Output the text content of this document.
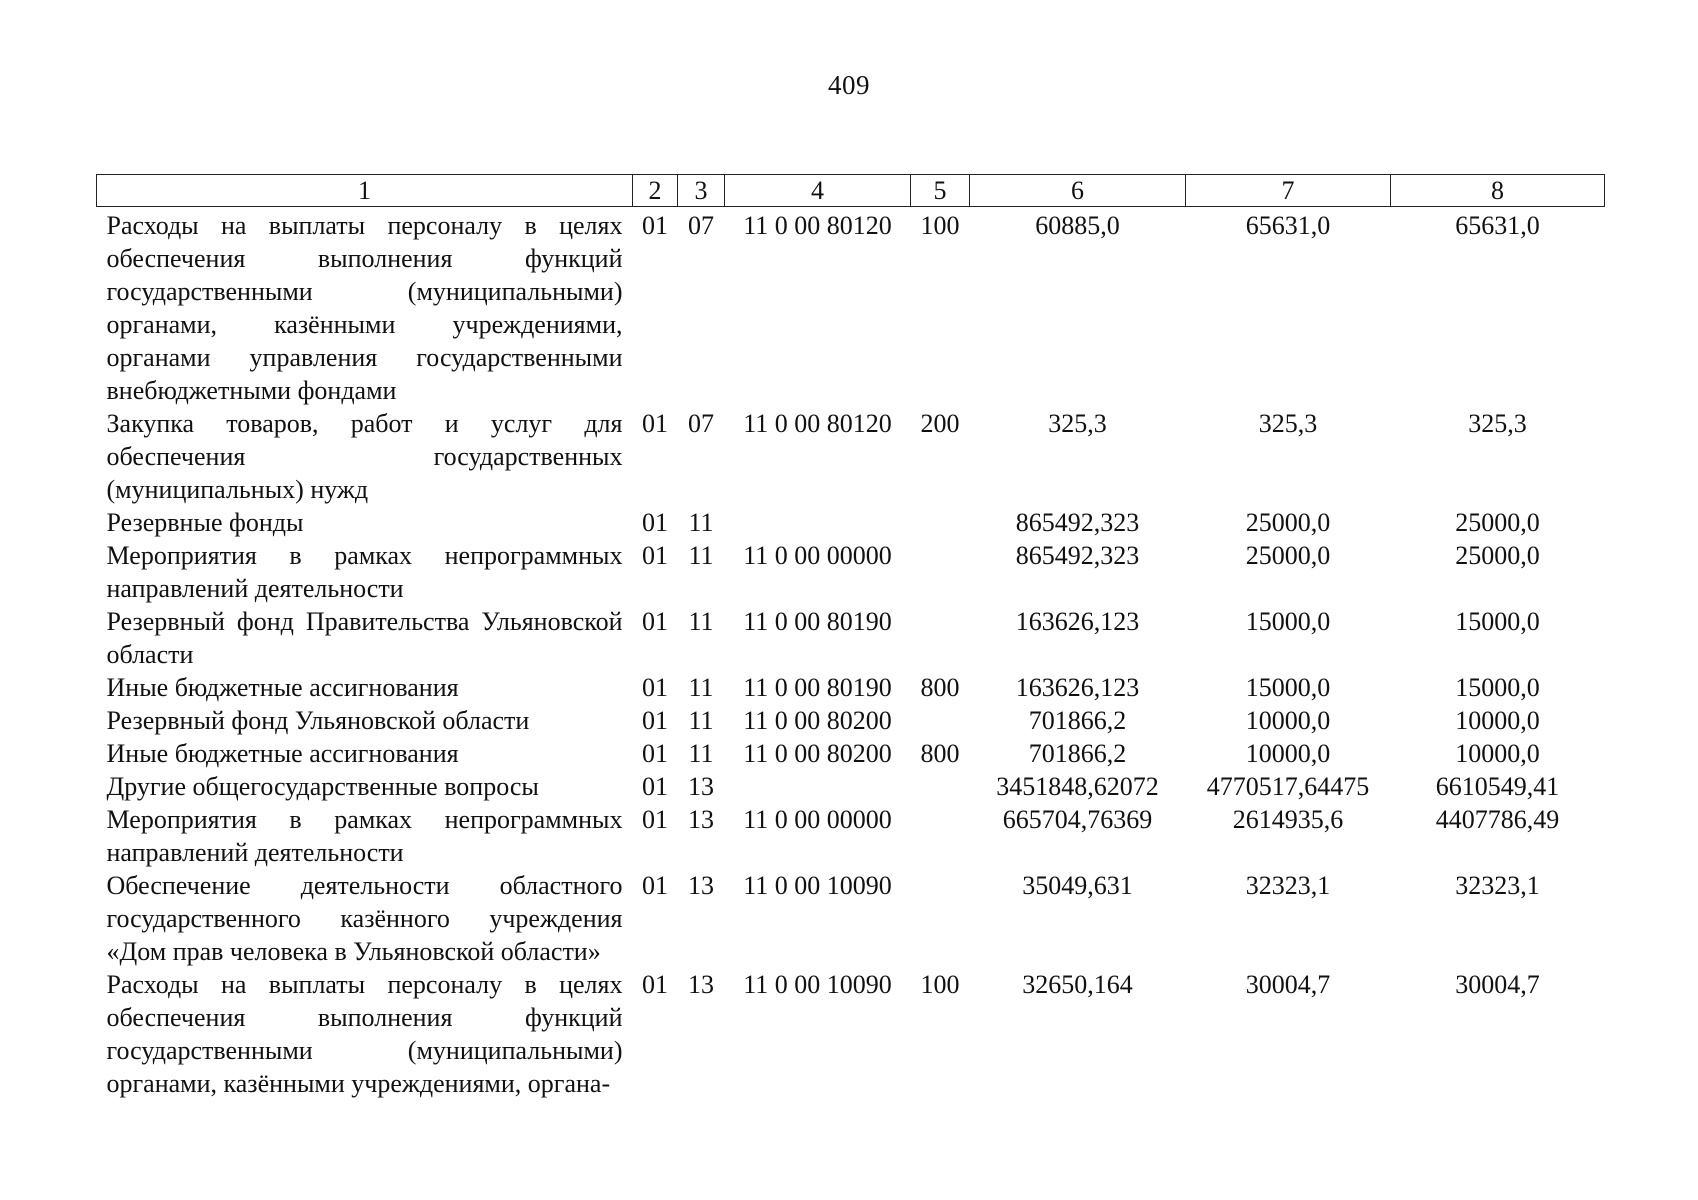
409
1	2	3	4	5	6	7	8
Расходы на выплаты персоналу в целях обеспечения выполнения функций государственными (муниципальными) органами, казёнными учреждениями, органами управления государственными внебюджетными фондами	01	07	11 0 00 80120	100	60885,0	65631,0	65631,0
Закупка товаров, работ и услуг для обеспечения государственных (муниципальных) нужд	01	07	11 0 00 80120	200	325,3	325,3	325,3
Резервные фонды	01	11			865492,323	25000,0	25000,0
Мероприятия в рамках непрограммных направлений деятельности	01	11	11 0 00 00000		865492,323	25000,0	25000,0
Резервный фонд Правительства Ульяновской области	01	11	11 0 00 80190		163626,123	15000,0	15000,0
Иные бюджетные ассигнования	01	11	11 0 00 80190	800	163626,123	15000,0	15000,0
Резервный фонд Ульяновской области	01	11	11 0 00 80200		701866,2	10000,0	10000,0
Иные бюджетные ассигнования	01	11	11 0 00 80200	800	701866,2	10000,0	10000,0
Другие общегосударственные вопросы	01	13			3451848,62072	4770517,64475	6610549,41
Мероприятия в рамках непрограммных направлений деятельности	01	13	11 0 00 00000		665704,76369	2614935,6	4407786,49
Обеспечение деятельности областного государственного казённого учреждения «Дом прав человека в Ульяновской области»	01	13	11 0 00 10090		35049,631	32323,1	32323,1
Расходы на выплаты персоналу в целях обеспечения выполнения функций государственными (муниципальными) органами, казёнными учреждениями, органа-	01	13	11 0 00 10090	100	32650,164	30004,7	30004,7
